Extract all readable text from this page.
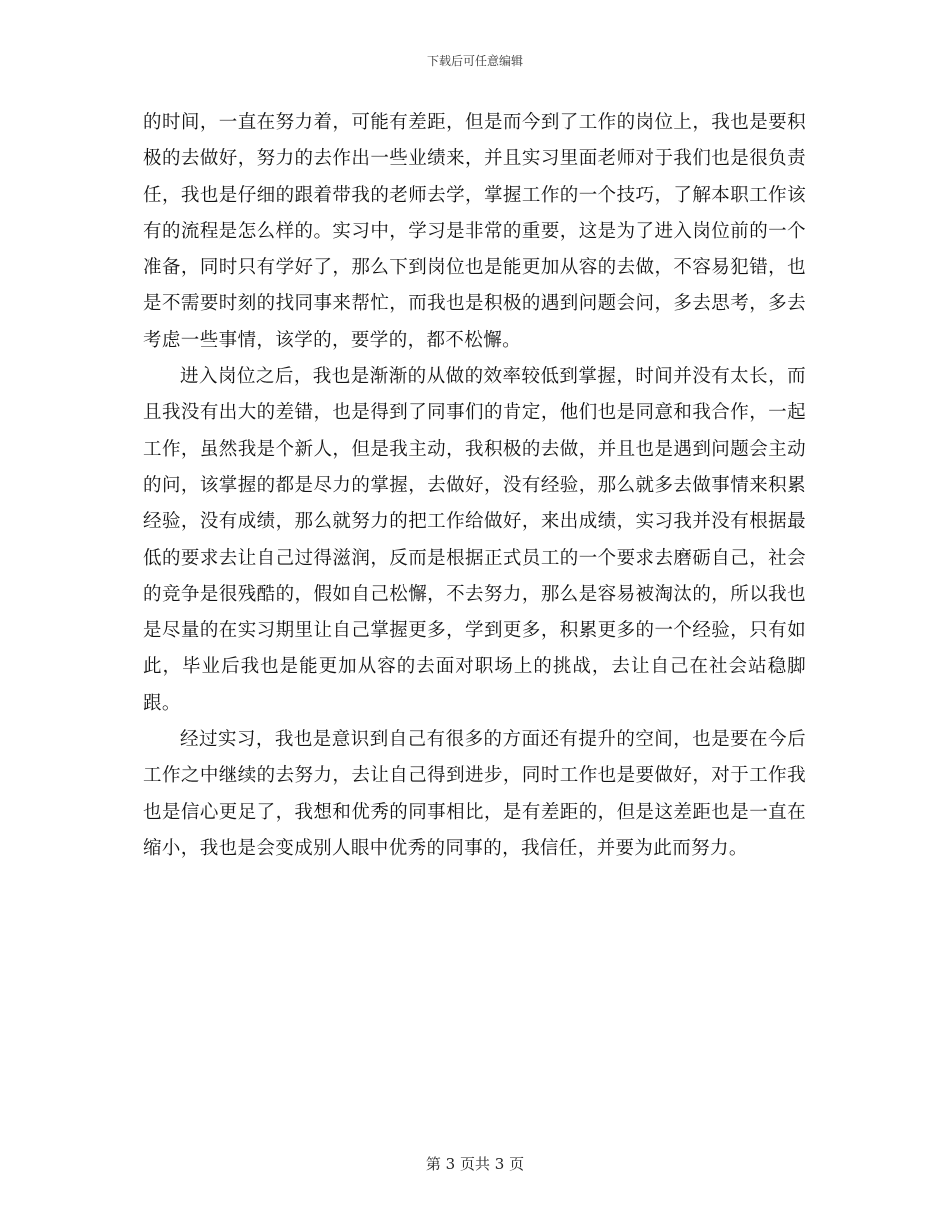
下载后可任意编辑

的时间，一直在努力着，可能有差距，但是而今到了工作的岗位上，我也是要积极的去做好，努力的去作出一些业绩来，并且实习里面老师对于我们也是很负责任，我也是仔细的跟着带我的老师去学，掌握工作的一个技巧，了解本职工作该有的流程是怎么样的。实习中，学习是非常的重要，这是为了进入岗位前的一个准备，同时只有学好了，那么下到岗位也是能更加从容的去做，不容易犯错，也是不需要时刻的找同事来帮忙，而我也是积极的遇到问题会问，多去思考，多去考虑一些事情，该学的，要学的，都不松懈。

进入岗位之后，我也是渐渐的从做的效率较低到掌握，时间并没有太长，而且我没有出大的差错，也是得到了同事们的肯定，他们也是同意和我合作，一起工作，虽然我是个新人，但是我主动，我积极的去做，并且也是遇到问题会主动的问，该掌握的都是尽力的掌握，去做好，没有经验，那么就多去做事情来积累经验，没有成绩，那么就努力的把工作给做好，来出成绩，实习我并没有根据最低的要求去让自己过得滋润，反而是根据正式员工的一个要求去磨砺自己，社会的竞争是很残酷的，假如自己松懈，不去努力，那么是容易被淘汰的，所以我也是尽量的在实习期里让自己掌握更多，学到更多，积累更多的一个经验，只有如此，毕业后我也是能更加从容的去面对职场上的挑战，去让自己在社会站稳脚跟。

经过实习，我也是意识到自己有很多的方面还有提升的空间，也是要在今后工作之中继续的去努力，去让自己得到进步，同时工作也是要做好，对于工作我也是信心更足了，我想和优秀的同事相比，是有差距的，但是这差距也是一直在缩小，我也是会变成别人眼中优秀的同事的，我信任，并要为此而努力。

第 3 页共 3 页
